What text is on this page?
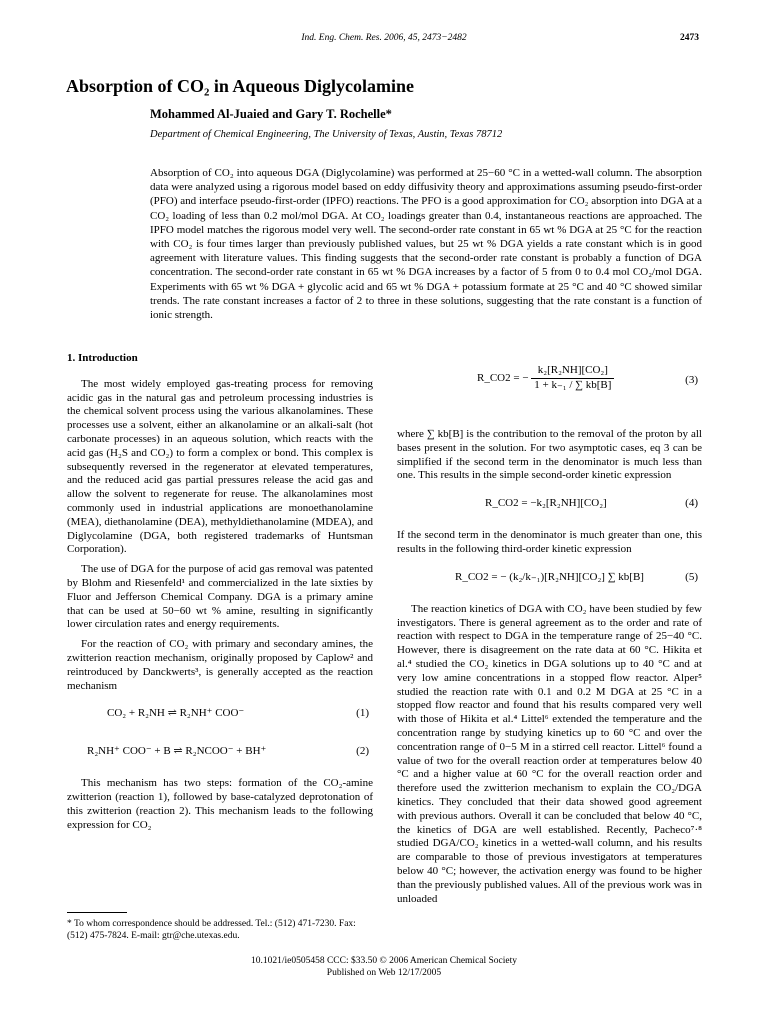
Ind. Eng. Chem. Res. 2006, 45, 2473−2482	2473
Absorption of CO₂ in Aqueous Diglycolamine
Mohammed Al-Juaied and Gary T. Rochelle*
Department of Chemical Engineering, The University of Texas, Austin, Texas 78712

Absorption of CO₂ into aqueous DGA (Diglycolamine) was performed at 25−60 °C in a wetted-wall column. The absorption data were analyzed using a rigorous model based on eddy diffusivity theory and approximations assuming pseudo-first-order (PFO) and interface pseudo-first-order (IPFO) reactions. The PFO is a good approximation for CO₂ absorption into DGA at a CO₂ loading of less than 0.2 mol/mol DGA. At CO₂ loadings greater than 0.4, instantaneous reactions are approached. The IPFO model matches the rigorous model very well. The second-order rate constant in 65 wt % DGA at 25 °C for the reaction with CO₂ is four times larger than previously published values, but 25 wt % DGA yields a rate constant which is in good agreement with literature values. This finding suggests that the second-order rate constant is probably a function of DGA concentration. The second-order rate constant in 65 wt % DGA increases by a factor of 5 from 0 to 0.4 mol CO₂/mol DGA. Experiments with 65 wt % DGA + glycolic acid and 65 wt % DGA + potassium formate at 25 °C and 40 °C showed similar trends. The rate constant increases a factor of 2 to three in these solutions, suggesting that the rate constant is a function of ionic strength.

1. Introduction

The most widely employed gas-treating process for removing acidic gas in the natural gas and petroleum processing industries is the chemical solvent process using the various alkanolamines. These processes use a solvent, either an alkanolamine or an alkali-salt (hot carbonate processes) in an aqueous solution, which reacts with the acid gas (H₂S and CO₂) to form a complex or bond. This complex is subsequently reversed in the regenerator at elevated temperatures, and the reduced acid gas partial pressures release the acid gas and allow the solvent to regenerate for reuse. The alkanolamines most commonly used in industrial applications are monoethanolamine (MEA), diethanolamine (DEA), methyldiethanolamine (MDEA), and Diglycolamine (DGA, both registered trademarks of Huntsman Corporation).

The use of DGA for the purpose of acid gas removal was patented by Blohm and Riesenfeld¹ and commercialized in the late sixties by Fluor and Jefferson Chemical Company. DGA is a primary amine that can be used at 50−60 wt % amine, resulting in significantly lower circulation rates and energy requirements.

For the reaction of CO₂ with primary and secondary amines, the zwitterion reaction mechanism, originally proposed by Caplow² and reintroduced by Danckwerts³, is generally accepted as the reaction mechanism

CO₂ + R₂NH ⇌ R₂NH⁺ COO⁻	(1)
R₂NH⁺ COO⁻ + B ⇌ R₂NCOO⁻ + BH⁺	(2)

This mechanism has two steps: formation of the CO₂-amine zwitterion (reaction 1), followed by base-catalyzed deprotonation of this zwitterion (reaction 2). This mechanism leads to the following expression for CO₂

R_CO2 = − $\frac{\text{k₂[R₂NH][CO₂]}}{\text{1 + k₋₁ / ∑ kb[B]}}$	(3)

where ∑ kb[B] is the contribution to the removal of the proton by all bases present in the solution. For two asymptotic cases, eq 3 can be simplified if the second term in the denominator is much less than one. This results in the simple second-order kinetic expression

R_CO2 = −k₂[R₂NH][CO₂]	(4)

If the second term in the denominator is much greater than one, this results in the following third-order kinetic expression

R_CO2 = − (k₂/k₋₁)[R₂NH][CO₂] ∑ kb[B]	(5)

The reaction kinetics of DGA with CO₂ have been studied by few investigators. There is general agreement as to the order and rate of reaction with respect to DGA in the temperature range of 25−40 °C. However, there is disagreement on the rate data at 60 °C. Hikita et al.⁴ studied the CO₂ kinetics in DGA solutions up to 40 °C and at very low amine concentrations in a stopped flow reactor. Alper⁵ studied the reaction rate with 0.1 and 0.2 M DGA at 25 °C in a stopped flow reactor and found that his results compared very well with those of Hikita et al.⁴ Littel⁶ extended the temperature and the concentration range by studying kinetics up to 60 °C and over the concentration range of 0−5 M in a stirred cell reactor. Littel⁶ found a value of two for the overall reaction order at temperatures below 40 °C and a higher value at 60 °C for the overall reaction order and therefore used the zwitterion mechanism to explain the CO₂/DGA kinetics. They concluded that their data showed good agreement with previous authors. Overall it can be concluded that below 40 °C, the kinetics of DGA are well established. Recently, Pacheco⁷·⁸ studied DGA/CO₂ kinetics in a wetted-wall column, and his results are comparable to those of previous investigators at temperatures below 40 °C; however, the activation energy was found to be higher than the previously published values. All of the previous work was in unloaded

* To whom correspondence should be addressed. Tel.: (512) 471-7230. Fax: (512) 475-7824. E-mail: gtr@che.utexas.edu.
10.1021/ie0505458 CCC: $33.50 © 2006 American Chemical Society
Published on Web 12/17/2005
